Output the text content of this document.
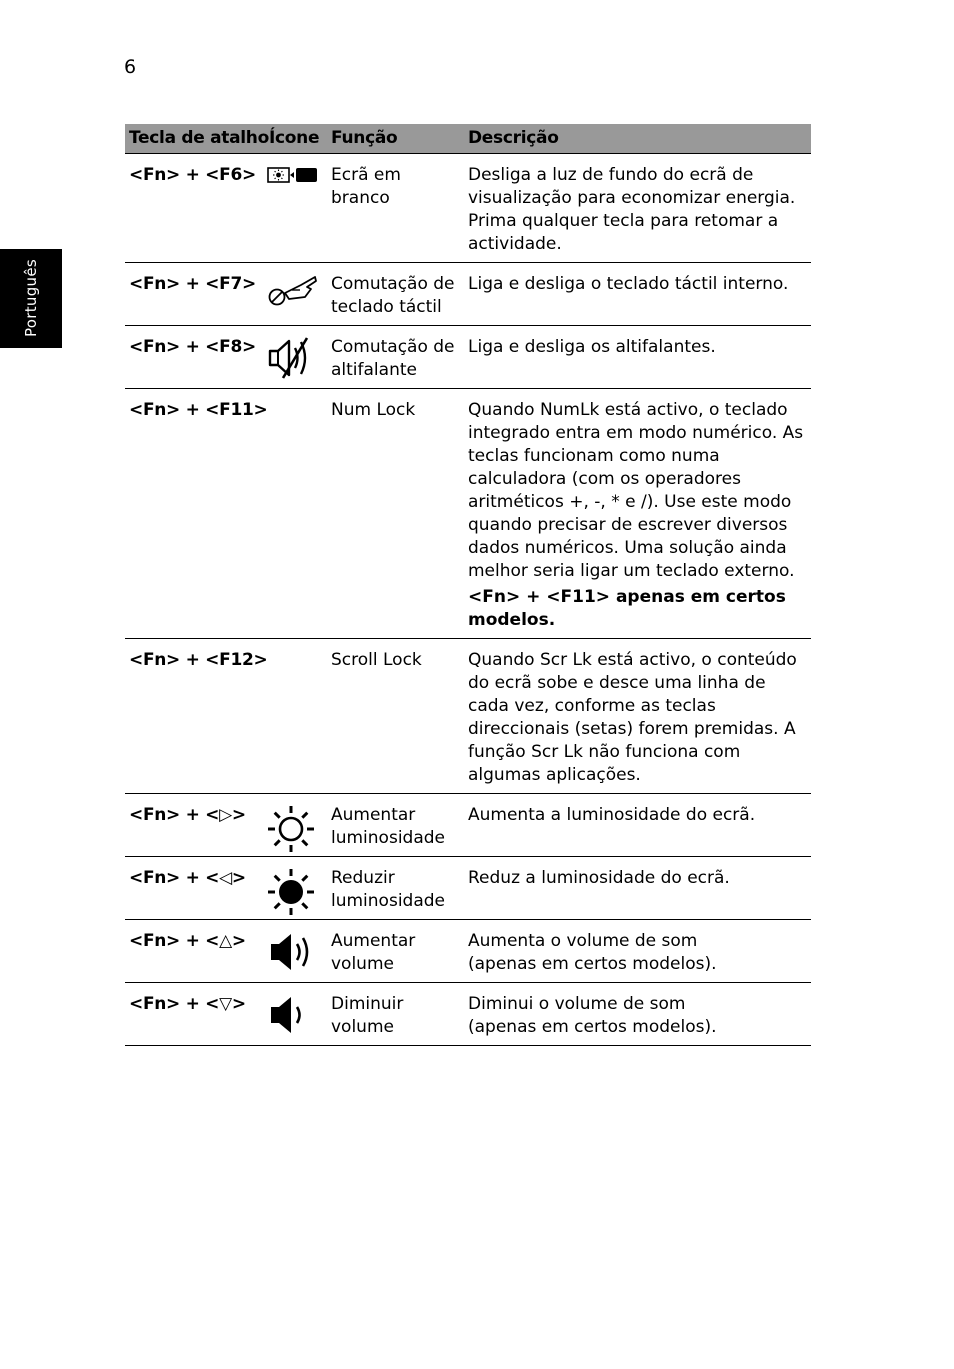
6
Português
Tecla de atalho	Ícone	Função	Descrição
<Fn> + <F6>		Ecrã em branco	Desliga a luz de fundo do ecrã de visualização para economizar energia. Prima qualquer tecla para retomar a actividade.
<Fn> + <F7>		Comutação de teclado táctil	Liga e desliga o teclado táctil interno.
<Fn> + <F8>		Comutação de altifalante	Liga e desliga os altifalantes.
<Fn> + <F11>		Num Lock	Quando NumLk está activo, o teclado integrado entra em modo numérico. As teclas funcionam como numa calculadora (com os operadores aritméticos +, -, * e /). Use este modo quando precisar de escrever diversos dados numéricos. Uma solução ainda melhor seria ligar um teclado externo.
<Fn> + <F11> apenas em certos modelos.

<Fn> + <F12>		Scroll Lock	Quando Scr Lk está activo, o conteúdo do ecrã sobe e desce uma linha de cada vez, conforme as teclas direccionais (setas) forem premidas. A função Scr Lk não funciona com algumas aplicações.
<Fn> + <▷>		Aumentar luminosidade	Aumenta a luminosidade do ecrã.
<Fn> + <◁>		Reduzir luminosidade	Reduz a luminosidade do ecrã.
<Fn> + <△>		Aumentar volume	Aumenta o volume de som
(apenas em certos modelos).
<Fn> + <▽>		Diminuir volume	Diminui o volume de som
(apenas em certos modelos).
